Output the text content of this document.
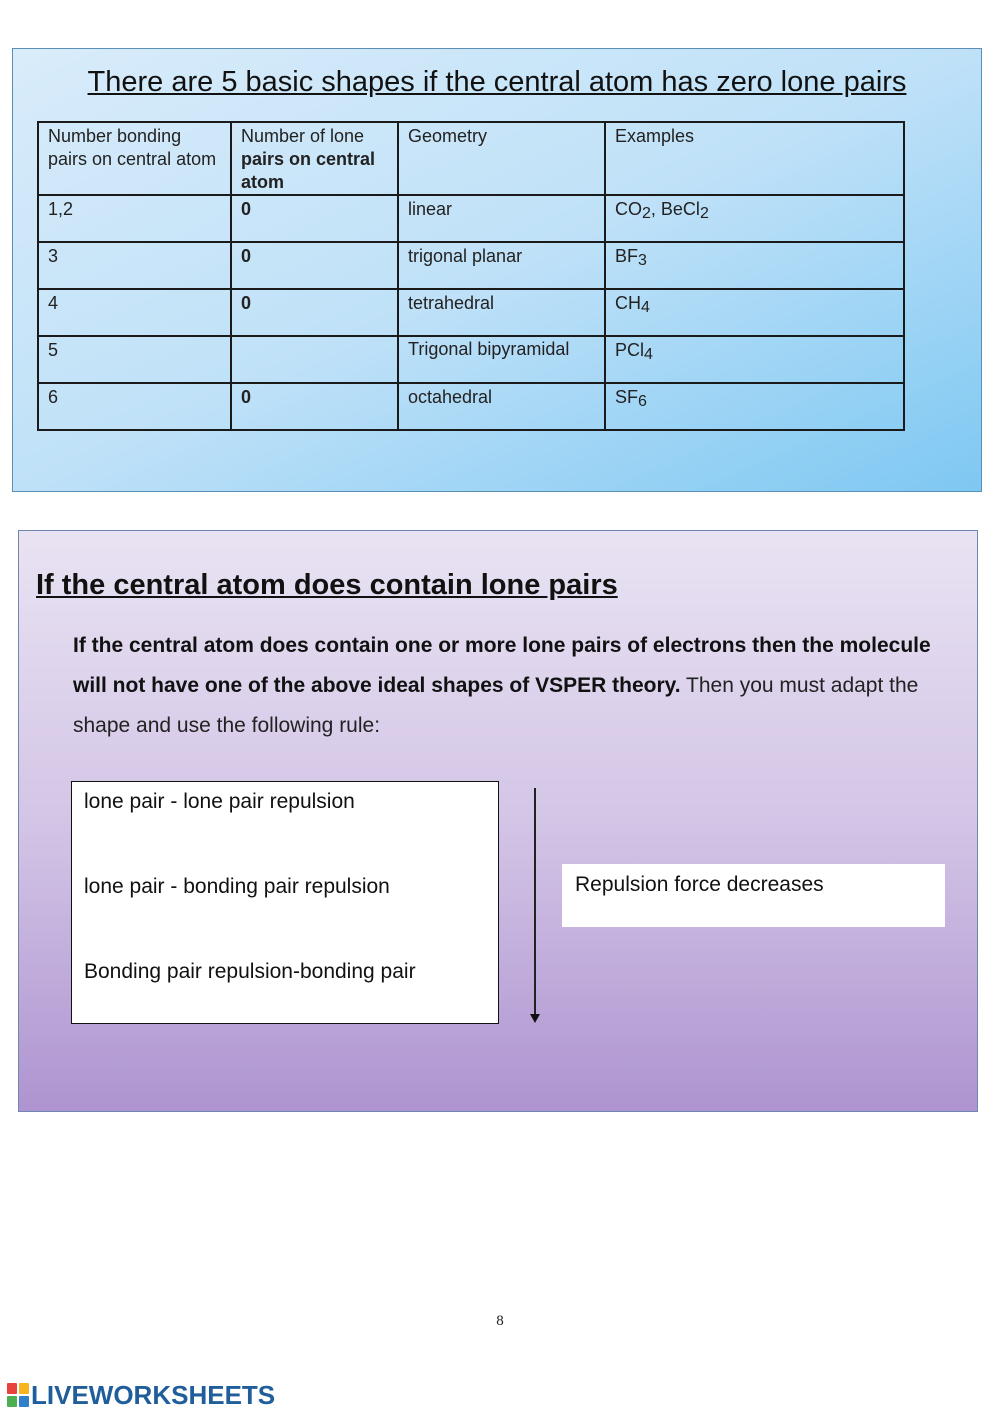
There are 5 basic shapes if the central atom has zero lone pairs
Number bonding pairs on central atom	Number of lone
pairs on central atom	Geometry	Examples
1,2	0	linear	$CO_2$, BeCl$_2$
3	0	trigonal planar	$BF_3$
4	0	tetrahedral	$CH_4$
5		Trigonal bipyramidal	PCl$_4$
6	0	octahedral	$SF_6$
If the central atom does contain lone pairs
If the central atom does contain one or more lone pairs of electrons then the molecule will not have one of the above ideal shapes of VSPER theory. Then you must adapt the shape and use the following rule:
lone pair - lone pair repulsion
lone pair - bonding pair repulsion
Bonding pair repulsion-bonding pair
Repulsion force decreases
8
LIVEWORKSHEETS
